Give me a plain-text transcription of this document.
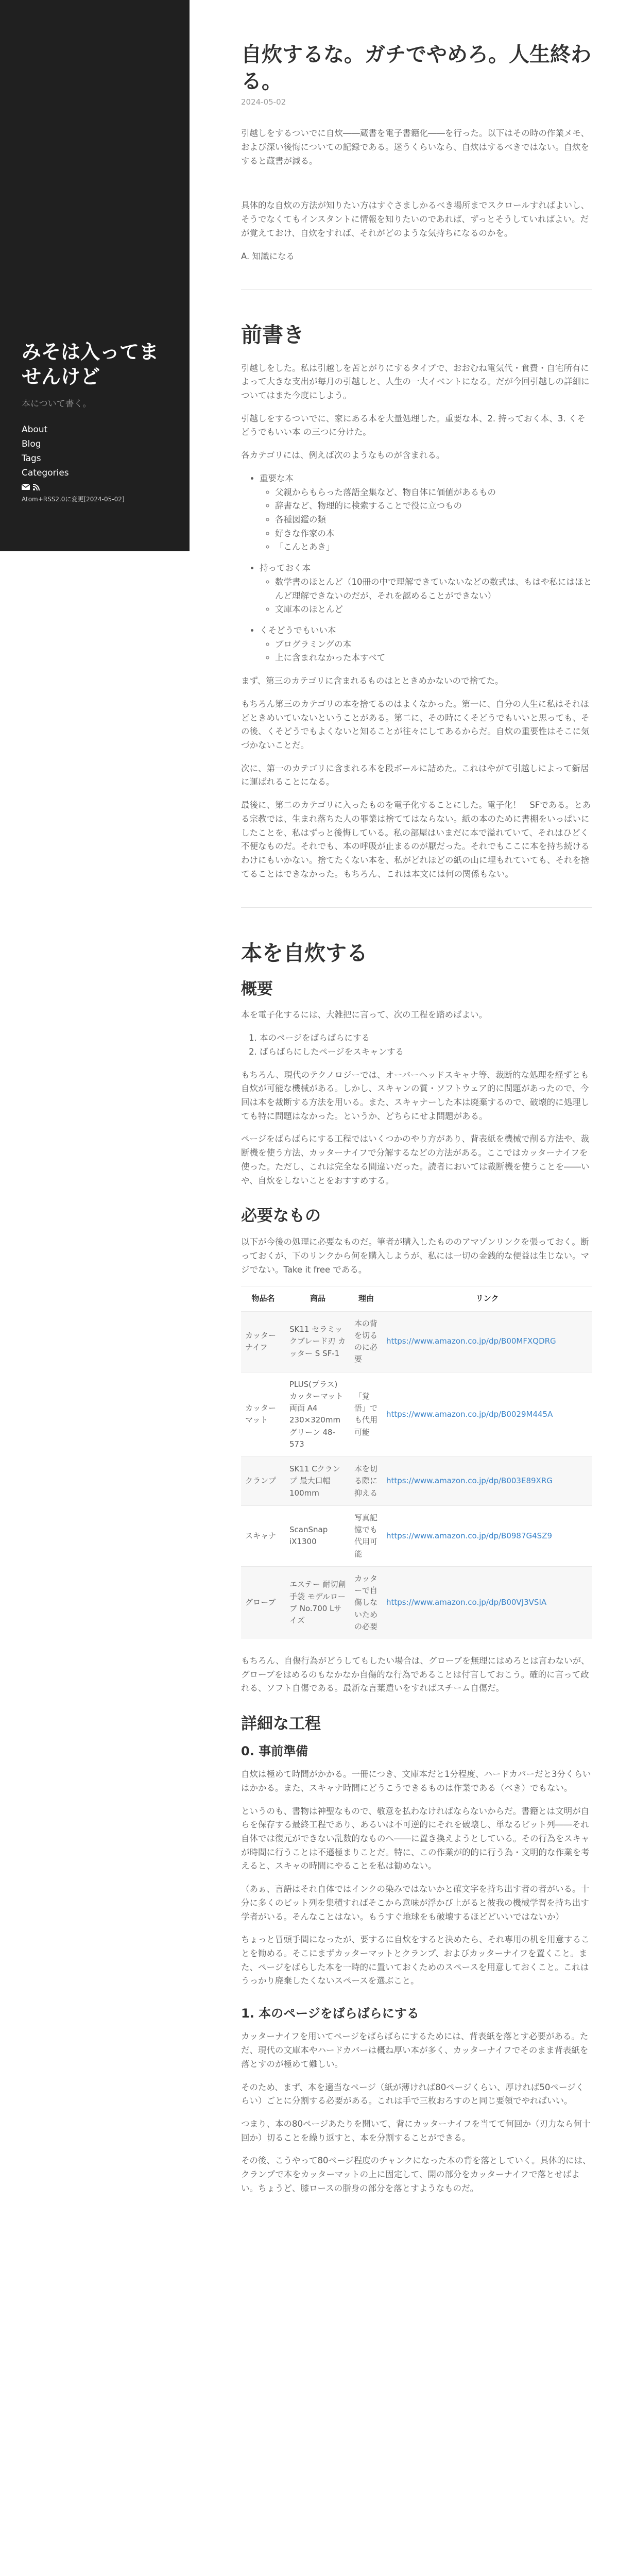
みそは入ってませんけど

本について書く。

About
Blog
Tags
Categories
Atom+RSS2.0に変更[2024-05-02]
自炊するな。ガチでやめろ。人生終わる。
2024-05-02

引越しをするついでに自炊――蔵書を電子書籍化――を行った。以下はその時の作業メモ、および深い後悔についての記録である。迷うくらいなら、自炊はするべきではない。自炊をすると蔵書が減る。

具体的な自炊の方法が知りたい方はすぐさましかるべき場所までスクロールすればよいし、そうでなくてもインスタントに情報を知りたいのであれば、ずっとそうしていればよい。だが覚えておけ、自炊をすれば、それがどのような気持ちになるのかを。

A. 知識になる

前書き

引越しをした。私は引越しを苦とがりにするタイプで、おおむね電気代・食費・自宅所有によって大きな支出が毎月の引越しと、人生の一大イベントになる。だが今回引越しの詳細についてはまた今度にしよう。

引越しをするついでに、家にある本を大量処理した。重要な本、2. 持っておく本、3. くそどうでもいい本 の三つに分けた。

各カテゴリには、例えば次のようなものが含まれる。

• 重要な本
◦ 父親からもらった落語全集など、物自体に価値があるもの
◦ 辞書など、物理的に検索することで役に立つもの
◦ 各種図鑑の類
◦ 好きな作家の本
◦ 「こんとあき」
• 持っておく本
◦ 数学書のほとんど（10冊の中で理解できていないなどの数式は、もはや私にはほとんど理解できないのだが、それを認めることができない）
◦ 文庫本のほとんど
• くそどうでもいい本
◦ プログラミングの本
◦ 上に含まれなかった本すべて

まず、第三のカテゴリに含まれるものはとときめかないので捨てた。

もちろん第三のカテゴリの本を捨てるのはよくなかった。第一に、自分の人生に私はそれほどときめいていないということがある。第二に、その時にくそどうでもいいと思っても、その後、くそどうでもよくないと知ることが往々にしてあるからだ。自炊の重要性はそこに気づかないことだ。

次に、第一のカテゴリに含まれる本を段ボールに詰めた。これはやがて引越しによって新居に運ばれることになる。

最後に、第二のカテゴリに入ったものを電子化することにした。電子化！　SFである。とある宗教では、生まれ落ちた人の罪業は捨ててはならない。紙の本のために書棚をいっぱいにしたことを、私はずっと後悔している。私の部屋はいまだに本で溢れていて、それはひどく不便なものだ。それでも、本の呼吸が止まるのが厭だった。それでもここに本を持ち続けるわけにもいかない。捨てたくない本を、私がどれほどの紙の山に埋もれていても、それを捨てることはできなかった。もちろん、これは本文には何の関係もない。

本を自炊する
概要

本を電子化するには、大雑把に言って、次の工程を踏めばよい。

1. 本のページをばらばらにする
2. ばらばらにしたページをスキャンする

もちろん、現代のテクノロジーでは、オーバーヘッドスキャナ等、裁断的な処理を経ずとも自炊が可能な機械がある。しかし、スキャンの質・ソフトウェア的に問題があったので、今回は本を裁断する方法を用いる。また、スキャナーした本は廃棄するので、破壊的に処理しても特に問題はなかった。というか、どちらにせよ問題がある。

ページをばらばらにする工程ではいくつかのやり方があり、背表紙を機械で削る方法や、裁断機を使う方法、カッターナイフで分解するなどの方法がある。ここではカッターナイフを使った。ただし、これは完全なる間違いだった。読者においては裁断機を使うことを――いや、自炊をしないことをおすすめする。

必要なもの

以下が今後の処理に必要なものだ。筆者が購入したもののアマゾンリンクを張っておく。断っておくが、下のリンクから何を購入しようが、私には一切の金銭的な便益は生じない。マジでない。Take it free である。

物品名	商品	理由	リンク
カッターナイフ	SK11 セラミックブレード刃 カッター S SF-1	本の背を切るのに必要	https://www.amazon.co.jp/dp/B00MFXQDRG
カッターマット	PLUS(プラス) カッターマット 両面 A4 230×320mm グリーン 48-573	「覚悟」でも代用可能	https://www.amazon.co.jp/dp/B0029M445A
クランプ	SK11 Cクランプ 最大口幅100mm	本を切る際に抑える	https://www.amazon.co.jp/dp/B003E89XRG
スキャナ	ScanSnap iX1300	写真記憶でも代用可能	https://www.amazon.co.jp/dp/B0987G4SZ9
グローブ	エステー 耐切創手袋 モデルローブ No.700 Lサイズ	カッターで自傷しないための必要	https://www.amazon.co.jp/dp/B00VJ3VSIA

もちろん、自傷行為がどうしてもしたい場合は、グローブを無理にはめろとは言わないが、グローブをはめるのもなかなか自傷的な行為であることは付言しておこう。確的に言って政れる、ソフト自傷である。最新な言葉遣いをすればスチーム自傷だ。

詳細な工程
0. 事前準備

自炊は極めて時間がかかる。一冊につき、文庫本だと1分程度、ハードカバーだと3分くらいはかかる。また、スキャナ時間にどうこうできるものは作業である（べき）でもない。

というのも、書物は神聖なもので、敬意を払わなければならないからだ。書籍とは文明が自らを保存する最終工程であり、あるいは不可逆的にそれを破壊し、単なるビット列――それ自体では復元ができない乱数的なものへ――に置き換えようとしている。その行為をスキャが時間に行うことは不遜極まりことだ。特に、この作業が的的に行う為・文明的な作業を考えると、スキャの時間にやることを私は勧めない。

（あぁ、言語はそれ自体ではインクの染みではないかと確文字を持ち出す者の者がいる。十分に多くのビット列を集積すればそこから意味が浮かび上がると彼我の機械学習を持ち出す学者がいる。そんなことはない。もうすぐ地球をも破壊するほどどいいではないか）

ちょっと冒頭手間になったが、要するに自炊をすると決めたら、それ専用の机を用意することを勧める。そこにまずカッターマットとクランプ、およびカッターナイフを置くこと。また、ページをばらした本を一時的に置いておくためのスペースを用意しておくこと。これはうっかり廃棄したくないスペースを選ぶこと。

1. 本のページをばらばらにする

カッターナイフを用いてページをばらばらにするためには、背表紙を落とす必要がある。ただ、現代の文庫本やハードカバーは概ね厚い本が多く、カッターナイフでそのまま背表紙を落とすのが極めて難しい。

そのため、まず、本を適当なページ（紙が薄ければ80ページくらい、厚ければ50ページくらい）ごとに分割する必要がある。これは手で三枚おろすのと同じ要領でやればいい。

つまり、本の80ページあたりを開いて、背にカッターナイフを当てて何回か（刃力なら何十回か）切ることを繰り返すと、本を分割することができる。

その後、こうやって80ページ程度のチャンクになった本の背を落としていく。具体的には、クランプで本をカッターマットの上に固定して、開の部分をカッターナイフで落とせばよい。ちょうど、膝ロースの脂身の部分を落とすようなものだ。
